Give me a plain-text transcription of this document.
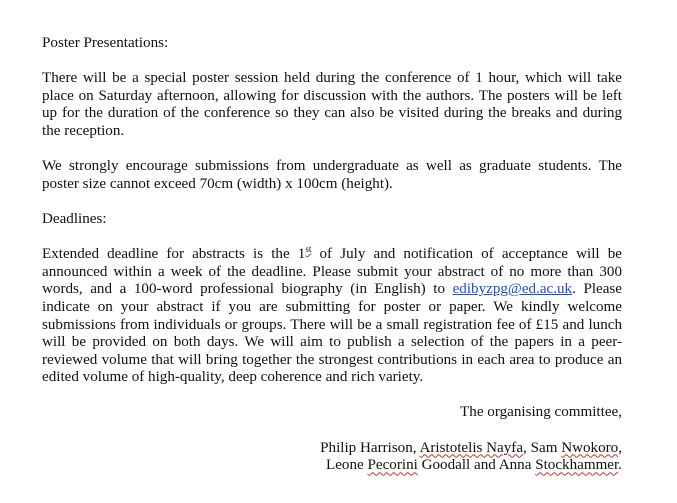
Poster Presentations:

There will be a special poster session held during the conference of 1 hour, which will take place on Saturday afternoon, allowing for discussion with the authors. The posters will be left up for the duration of the conference so they can also be visited during the breaks and during the reception.

We strongly encourage submissions from undergraduate as well as graduate students. The poster size cannot exceed 70cm (width) x 100cm (height).

Deadlines:

Extended deadline for abstracts is the 1st of July and notification of acceptance will be announced within a week of the deadline. Please submit your abstract of no more than 300 words, and a 100-word professional biography (in English) to edibyzpg@ed.ac.uk. Please indicate on your abstract if you are submitting for poster or paper. We kindly welcome submissions from individuals or groups. There will be a small registration fee of £15 and lunch will be provided on both days. We will aim to publish a selection of the papers in a peer-reviewed volume that will bring together the strongest contributions in each area to produce an edited volume of high-quality, deep coherence and rich variety.

The organising committee,

Philip Harrison, Aristotelis Nayfa, Sam Nwokoro,

Leone Pecorini Goodall and Anna Stockhammer.
